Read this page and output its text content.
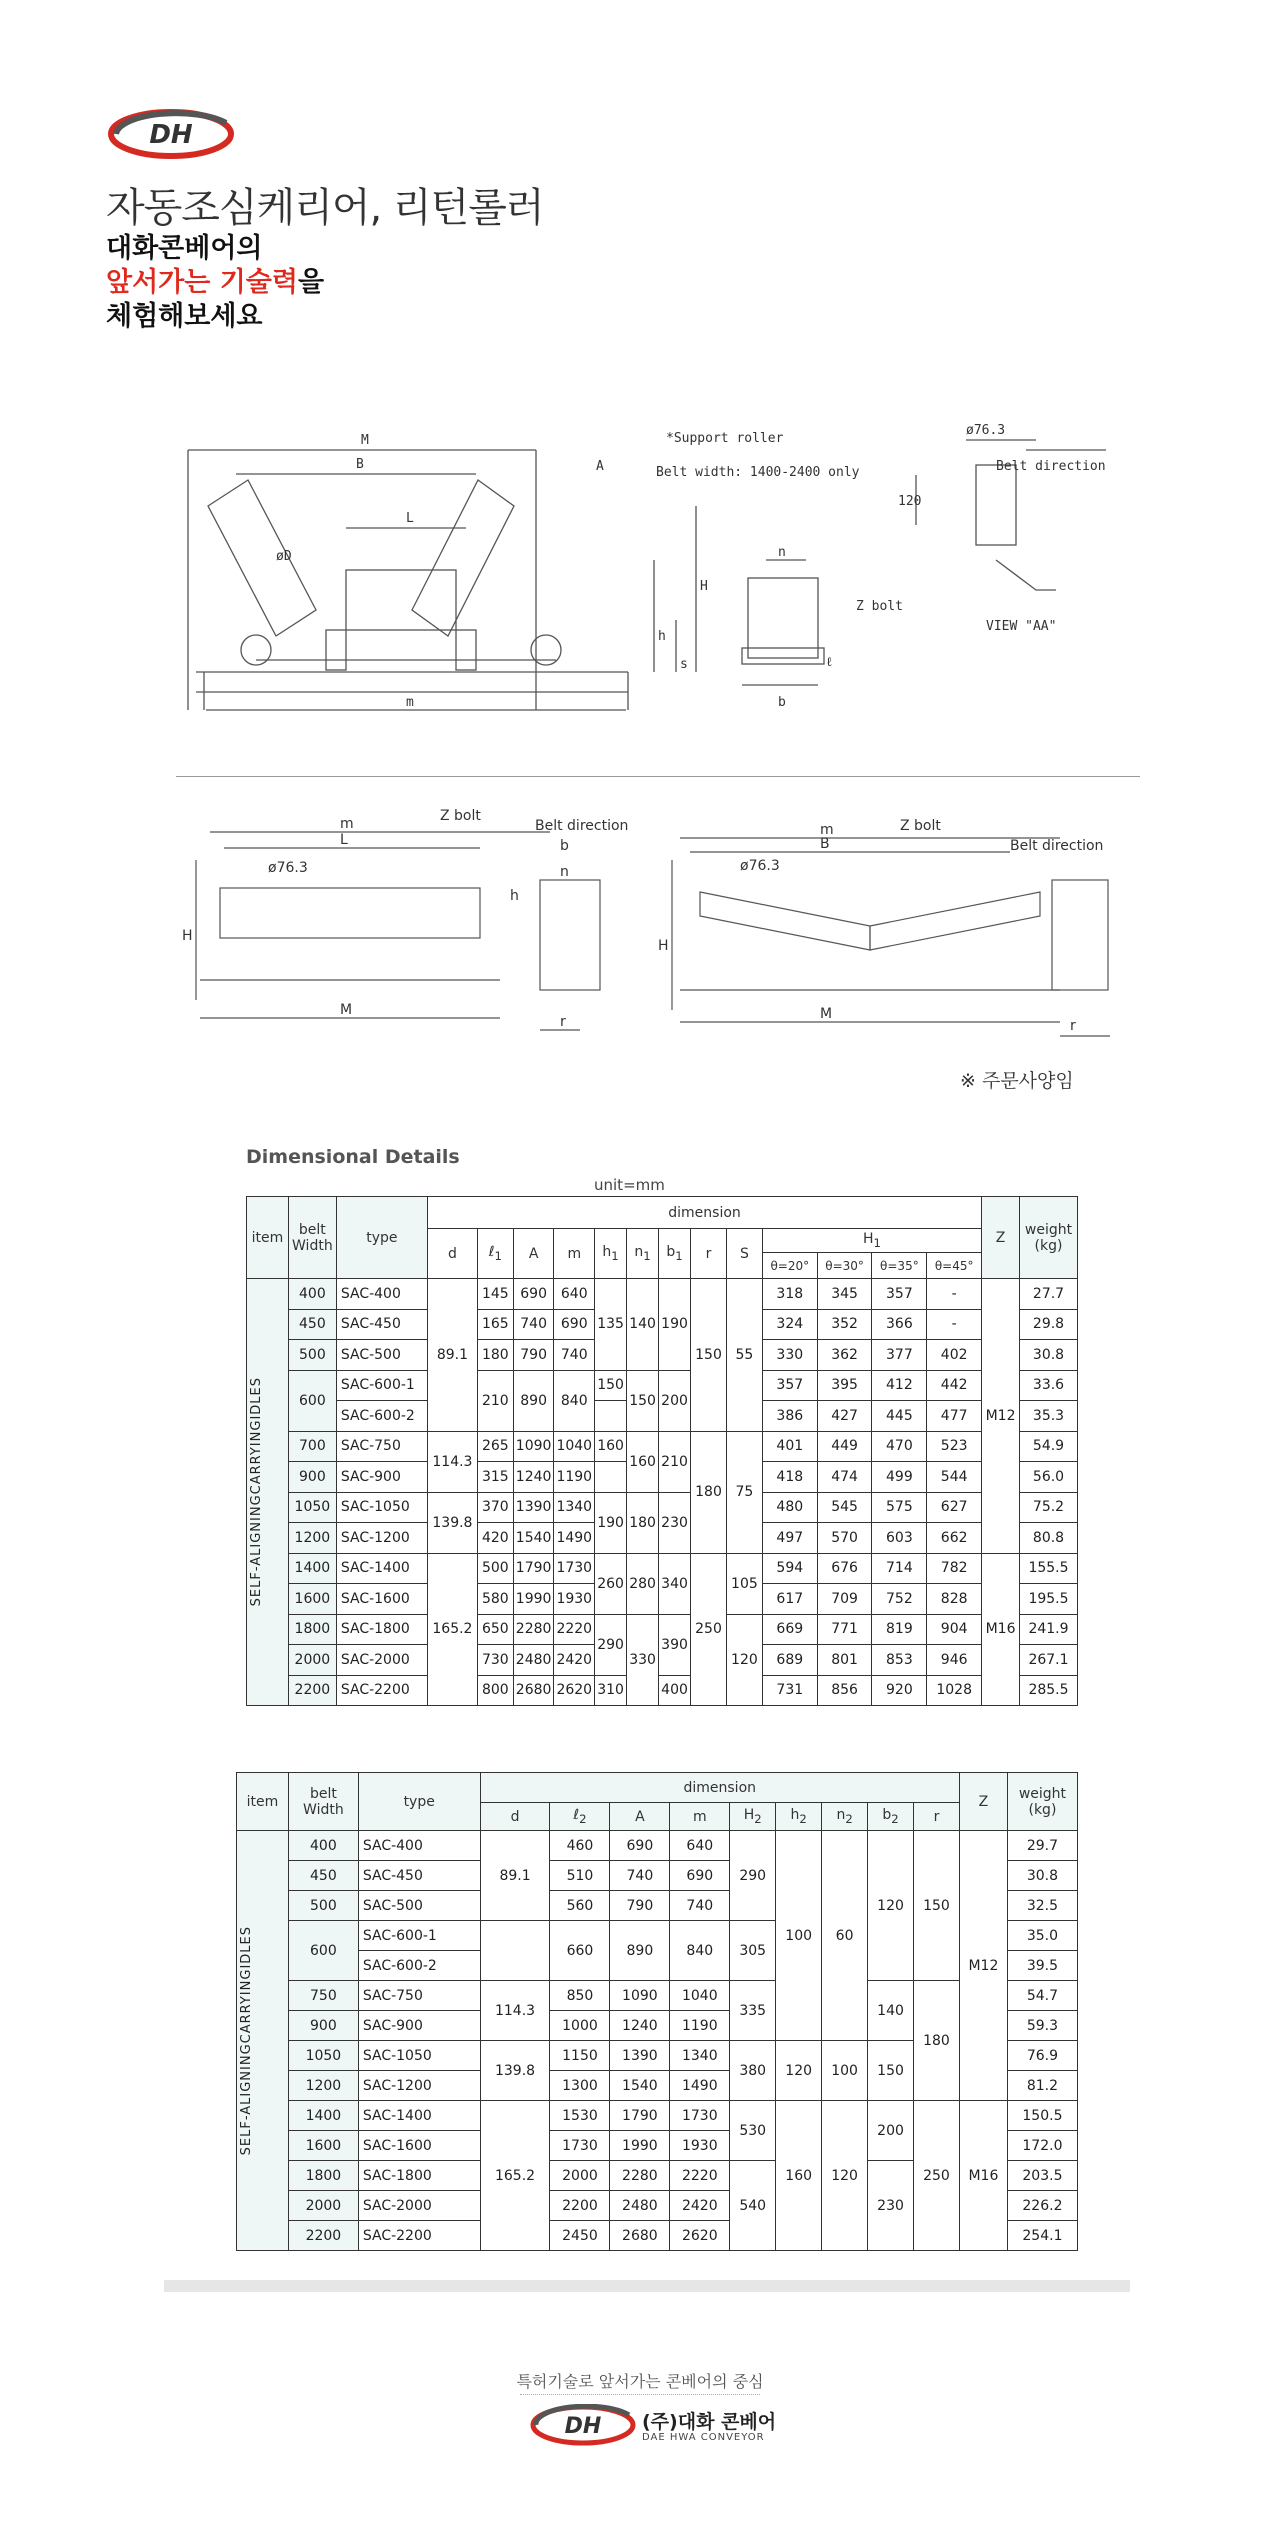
DH
자동조심케리어, 리턴롤러
대화콘베어의
앞서가는 기술력을
체험해보세요
M
B
L
m
H
h
s
n
b
A
øD
ℓ
120
*Support roller
Belt width: 1400-2400 only
Z bolt
Belt direction
ø76.3
VIEW "AA"
m
L
M
H
ø76.3
Z bolt
Belt direction
b
n
r
h
m
B
M
H
ø76.3
Z bolt
Belt direction
r
※ 주문사양임
Dimensional Details
unit=mm
item	belt
Width	type	dimension													Z	weight
(kg)
			d	ℓ$_1$	A	m	$h_1$	$n_1$	$b_1$	r	S	$H_1$
												θ=20°	θ=30°	θ=35°	θ=45°		

SELF-ALIGNINGCARRYINGIDLES	400	SAC-400	89.1	145	690	640	135	140	190	150	55	318	345	357	-	M12	27.7
	450	SAC-450		165	740	690						324	352	366	-		29.8
	500	SAC-500		180	790	740						330	362	377	402		30.8
	600	SAC-600-1		210	890	840	150	150	200			357	395	412	442		33.6
		SAC-600-2										386	427	445	477		35.3
	700	SAC-750	114.3	265	1090	1040	160	160	210	180	75	401	449	470	523		54.9
	900	SAC-900		315	1240	1190						418	474	499	544		56.0
	1050	SAC-1050	139.8	370	1390	1340	190	180	230			480	545	575	627		75.2
	1200	SAC-1200		420	1540	1490						497	570	603	662		80.8
	1400	SAC-1400	165.2	500	1790	1730	260	280	340	250	105	594	676	714	782	M16	155.5
	1600	SAC-1600		580	1990	1930						617	709	752	828		195.5
	1800	SAC-1800		650	2280	2220	290	330	390		120	669	771	819	904		241.9
	2000	SAC-2000		730	2480	2420						689	801	853	946		267.1
	2200	SAC-2200		800	2680	2620	310		400			731	856	920	1028		285.5
item	belt
Width	type	dimension									Z	weight
(kg)
			d	ℓ$_2$	A	m	$H_2$	$h_2$	$n_2$	$b_2$	r		

SELF-ALIGNINGCARRYINGIDLES	400	SAC-400	89.1	460	690	640	290	100	60	120	150	M12	29.7
	450	SAC-450		510	740	690							30.8
	500	SAC-500		560	790	740							32.5
	600	SAC-600-1		660	890	840	305						35.0
		SAC-600-2											39.5
	750	SAC-750	114.3	850	1090	1040	335			140	180		54.7
	900	SAC-900		1000	1240	1190							59.3
	1050	SAC-1050	139.8	1150	1390	1340	380	120	100	150			76.9
	1200	SAC-1200		1300	1540	1490							81.2
	1400	SAC-1400	165.2	1530	1790	1730	530	160	120	200	250	M16	150.5
	1600	SAC-1600		1730	1990	1930							172.0
	1800	SAC-1800		2000	2280	2220	540			230			203.5
	2000	SAC-2000		2200	2480	2420							226.2
	2200	SAC-2200		2450	2680	2620							254.1
특허기술로 앞서가는 콘베어의 중심
DH (주)대화 콘베어
DAE HWA CONVEYOR
